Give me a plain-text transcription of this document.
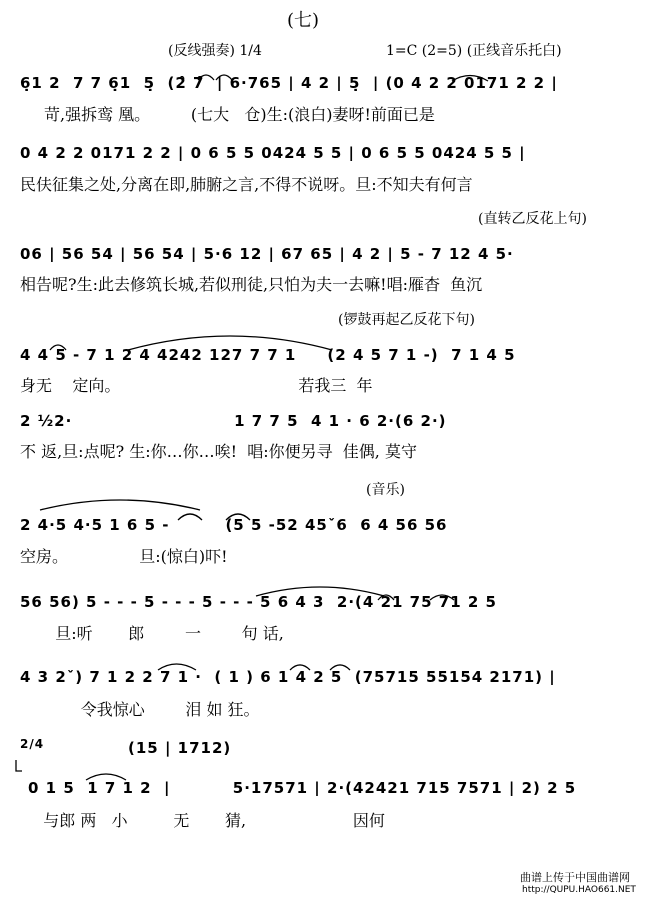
(七)
(反线强奏) 1/4	1=C (2=5) (正线音乐托白)
6̣1 2  7 7 6̣1  5̣  (2̂ 7̂  | 6·765 | 4 2 | 5̣  | (0 4 2 2 0171 2 2 |
苛,强拆鸾 凰。        (七大   仓)生:(浪白)妻呀!前面已是
0 4 2 2 0171 2 2 | 0 6 5 5 0424 5 5 | 0 6 5 5 0424 5 5 |
民伕征集之处,分离在即,肺腑之言,不得不说呀。旦:不知夫有何言
(直转乙反花上句)
06 | 56 54 | 56 54 | 5·6 12 | 67 65 | 4 2 | 5 - 7 12 4 5·
相告呢?生:此去修筑长城,若似刑徒,只怕为夫一去嘛!唱:雁杳  鱼沉
(锣鼓再起乙反花下句)
4 4 5 - 7 1 2 4 4242 127 7 7 1     (2 4 5 7 1 -)  7 1 4 5
身无    定向。                                   若我三  年
2 ½2·                          1 7 7 5  4 1 · 6 2·(6 2·)
不 返,旦:点呢? 生:你…你…唉!  唱:你便另寻  佳偶, 莫守
(音乐)
2 4·5 4·5 1 6 5 -         (5 5 -52 45ˇ6  6 4 56 56
空房。              旦:(惊白)吓!
56 56) 5 - - - 5 - - - 5 - - - 5 6 4 3  2·(4 21 75 71 2 5
旦:听       郎        一        句 话,
4 3 2ˇ) 7 1 2 2 7 1 ·  ( 1 ) 6 1 4 2 5  (75715 55154 2171) |
令我惊心        泪 如 狂。
2/4	(15 | 1712)
0 1 5  1 7 1 2  |          5·17571 | 2·(42421 715 7571 | 2) 2 5
与郎 两   小         无       猜,                     因何
曲谱上传于中国曲谱网
http://QUPU.HAO661.NET
